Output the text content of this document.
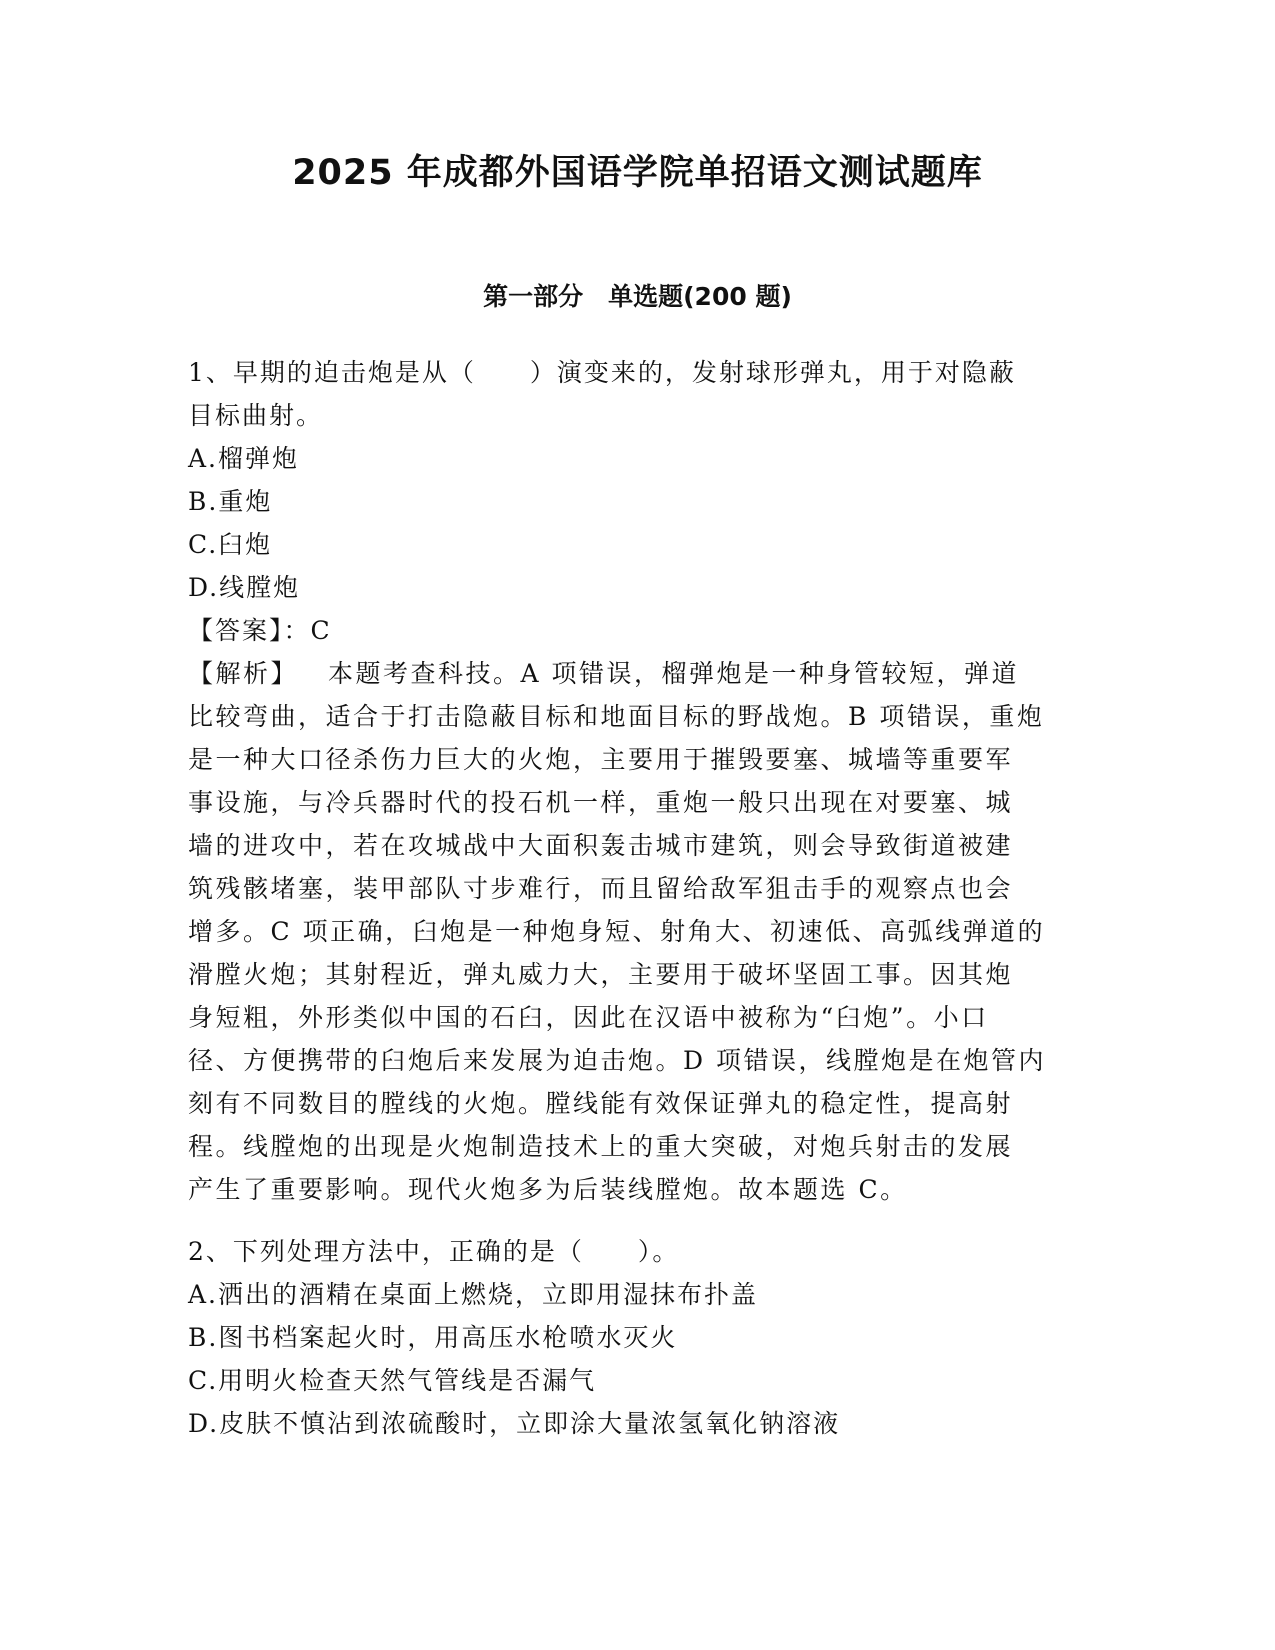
2025 年成都外国语学院单招语文测试题库
第一部分　单选题(200 题)
1、早期的迫击炮是从（　　）演变来的，发射球形弹丸，用于对隐蔽
目标曲射。
A.榴弹炮
B.重炮
C.臼炮
D.线膛炮
【答案】：C
【解析】 本题考查科技。A 项错误，榴弹炮是一种身管较短，弹道
比较弯曲，适合于打击隐蔽目标和地面目标的野战炮。B 项错误，重炮
是一种大口径杀伤力巨大的火炮，主要用于摧毁要塞、城墙等重要军
事设施，与冷兵器时代的投石机一样，重炮一般只出现在对要塞、城
墙的进攻中，若在攻城战中大面积轰击城市建筑，则会导致街道被建
筑残骸堵塞，装甲部队寸步难行，而且留给敌军狙击手的观察点也会
增多。C 项正确，臼炮是一种炮身短、射角大、初速低、高弧线弹道的
滑膛火炮；其射程近，弹丸威力大，主要用于破坏坚固工事。因其炮
身短粗，外形类似中国的石臼，因此在汉语中被称为“臼炮”。小口
径、方便携带的臼炮后来发展为迫击炮。D 项错误，线膛炮是在炮管内
刻有不同数目的膛线的火炮。膛线能有效保证弹丸的稳定性，提高射
程。线膛炮的出现是火炮制造技术上的重大突破，对炮兵射击的发展
产生了重要影响。现代火炮多为后装线膛炮。故本题选 C。
2、下列处理方法中，正确的是（　　）。
A.洒出的酒精在桌面上燃烧，立即用湿抹布扑盖
B.图书档案起火时，用高压水枪喷水灭火
C.用明火检查天然气管线是否漏气
D.皮肤不慎沾到浓硫酸时，立即涂大量浓氢氧化钠溶液
